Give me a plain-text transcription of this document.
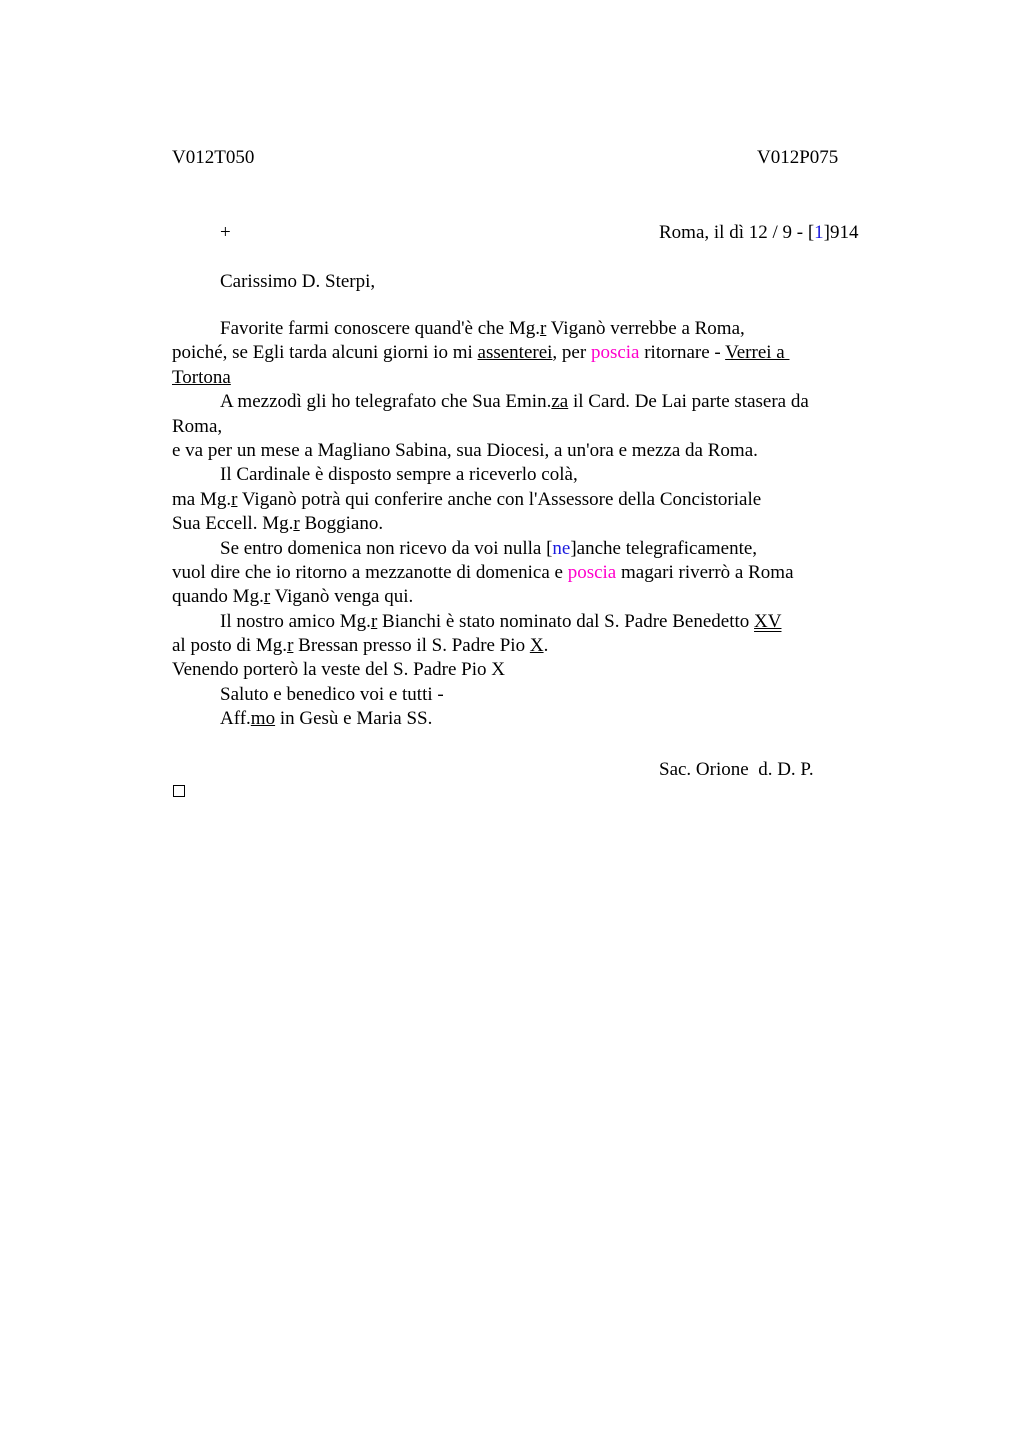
V012T050	V012P075
+	Roma, il dì 12 / 9 - [1]914
Carissimo D. Sterpi,
Favorite farmi conoscere quand'è che Mg.r Viganò verrebbe a Roma,
poiché, se Egli tarda alcuni giorni io mi assenterei, per poscia ritornare - Verrei a
Tortona
A mezzodì gli ho telegrafato che Sua Emin.za il Card. De Lai parte stasera da
Roma,
e va per un mese a Magliano Sabina, sua Diocesi, a un'ora e mezza da Roma.
Il Cardinale è disposto sempre a riceverlo colà,
ma Mg.r Viganò potrà qui conferire anche con l'Assessore della Concistoriale
Sua Eccell. Mg.r Boggiano.
Se entro domenica non ricevo da voi nulla [ne]anche telegraficamente,
vuol dire che io ritorno a mezzanotte di domenica e poscia magari riverrò a Roma
quando Mg.r Viganò venga qui.
Il nostro amico Mg.r Bianchi è stato nominato dal S. Padre Benedetto XV
al posto di Mg.r Bressan presso il S. Padre Pio X.
Venendo porterò la veste del S. Padre Pio X
Saluto e benedico voi e tutti -
Aff.mo in Gesù e Maria SS.
Sac. Orione  d. D. P.
